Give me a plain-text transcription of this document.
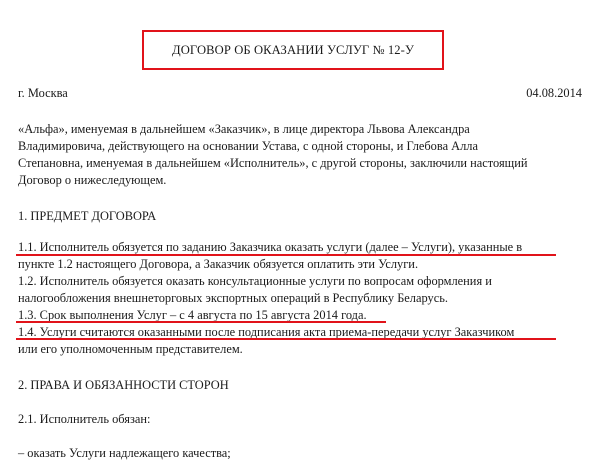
ДОГОВОР ОБ ОКАЗАНИИ УСЛУГ № 12-У
г. Москва	04.08.2014
«Альфа», именуемая в дальнейшем «Заказчик», в лице директора Львова Александра
Владимировича, действующего на основании Устава, с одной стороны, и Глебова Алла
Степановна, именуемая в дальнейшем «Исполнитель», с другой стороны, заключили настоящий
Договор о нижеследующем.
1. ПРЕДМЕТ ДОГОВОРА
1.1. Исполнитель обязуется по заданию Заказчика оказать услуги (далее – Услуги), указанные в
пункте 1.2 настоящего Договора, а Заказчик обязуется оплатить эти Услуги.
1.2. Исполнитель обязуется оказать консультационные услуги по вопросам оформления и
налогообложения внешнеторговых экспортных операций в Республику Беларусь.
1.3. Срок выполнения Услуг – с 4 августа по 15 августа 2014 года.
1.4. Услуги считаются оказанными после подписания акта приема-передачи услуг Заказчиком
или его уполномоченным представителем.
2. ПРАВА И ОБЯЗАННОСТИ СТОРОН
2.1. Исполнитель обязан:
– оказать Услуги надлежащего качества;
